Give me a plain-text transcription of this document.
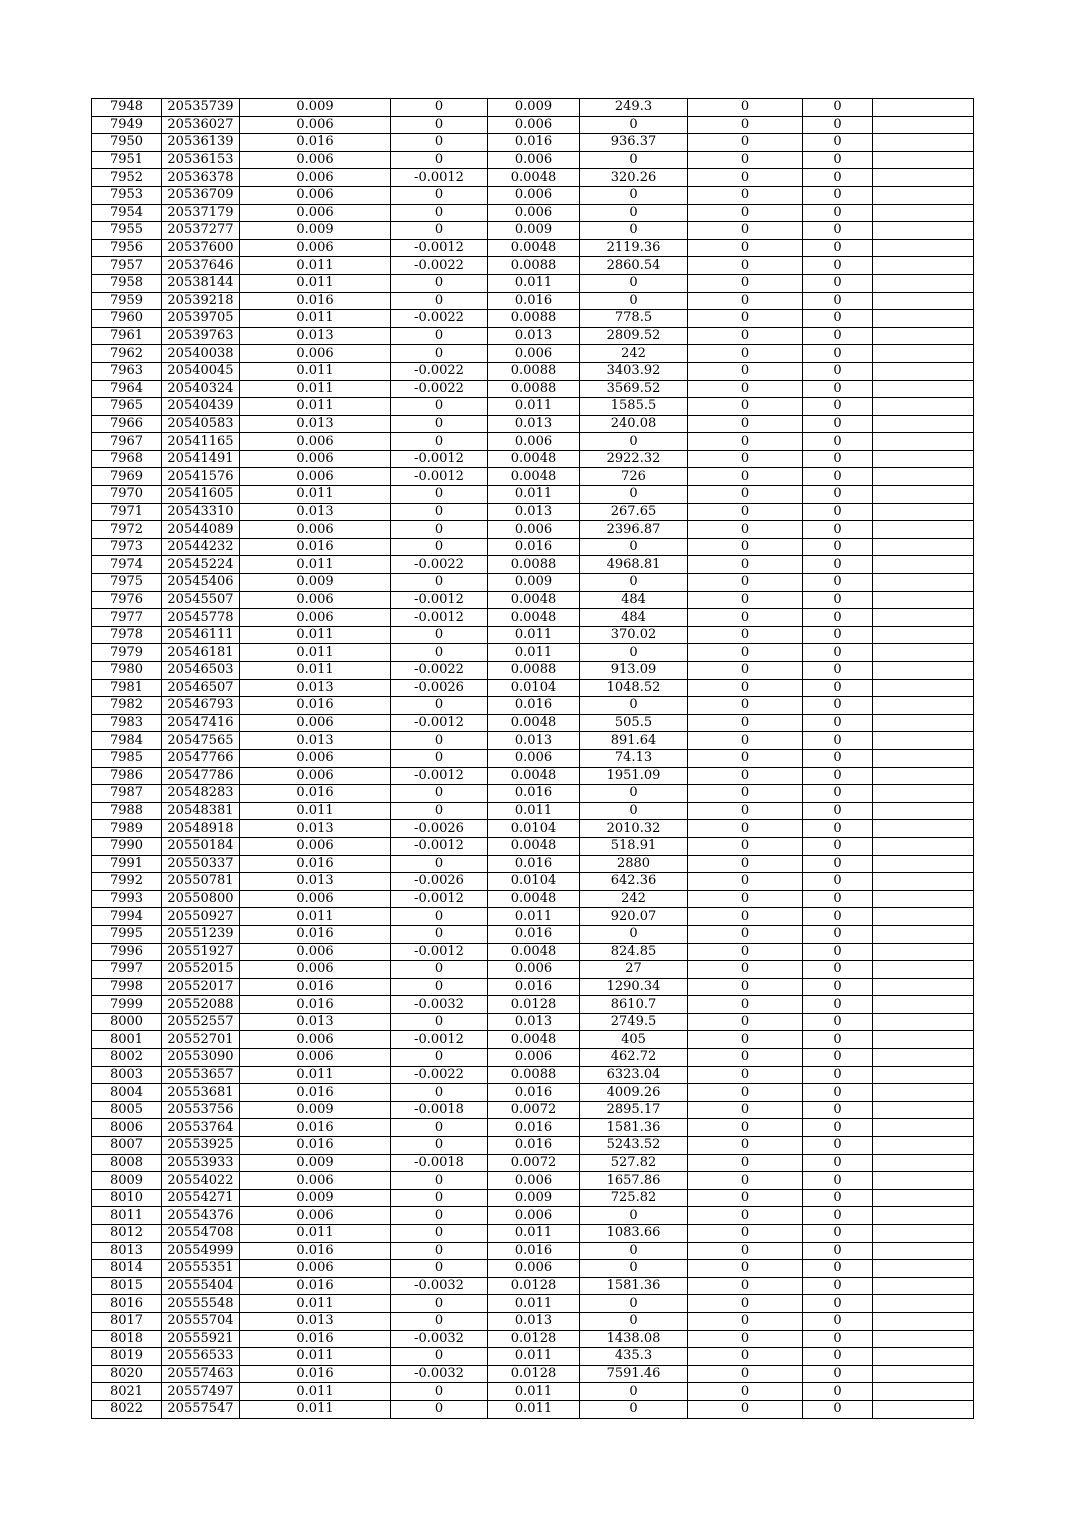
7948	20535739	0.009	0	0.009	249.3	0	0	
7949	20536027	0.006	0	0.006	0	0	0	
7950	20536139	0.016	0	0.016	936.37	0	0	
7951	20536153	0.006	0	0.006	0	0	0	
7952	20536378	0.006	-0.0012	0.0048	320.26	0	0	
7953	20536709	0.006	0	0.006	0	0	0	
7954	20537179	0.006	0	0.006	0	0	0	
7955	20537277	0.009	0	0.009	0	0	0	
7956	20537600	0.006	-0.0012	0.0048	2119.36	0	0	
7957	20537646	0.011	-0.0022	0.0088	2860.54	0	0	
7958	20538144	0.011	0	0.011	0	0	0	
7959	20539218	0.016	0	0.016	0	0	0	
7960	20539705	0.011	-0.0022	0.0088	778.5	0	0	
7961	20539763	0.013	0	0.013	2809.52	0	0	
7962	20540038	0.006	0	0.006	242	0	0	
7963	20540045	0.011	-0.0022	0.0088	3403.92	0	0	
7964	20540324	0.011	-0.0022	0.0088	3569.52	0	0	
7965	20540439	0.011	0	0.011	1585.5	0	0	
7966	20540583	0.013	0	0.013	240.08	0	0	
7967	20541165	0.006	0	0.006	0	0	0	
7968	20541491	0.006	-0.0012	0.0048	2922.32	0	0	
7969	20541576	0.006	-0.0012	0.0048	726	0	0	
7970	20541605	0.011	0	0.011	0	0	0	
7971	20543310	0.013	0	0.013	267.65	0	0	
7972	20544089	0.006	0	0.006	2396.87	0	0	
7973	20544232	0.016	0	0.016	0	0	0	
7974	20545224	0.011	-0.0022	0.0088	4968.81	0	0	
7975	20545406	0.009	0	0.009	0	0	0	
7976	20545507	0.006	-0.0012	0.0048	484	0	0	
7977	20545778	0.006	-0.0012	0.0048	484	0	0	
7978	20546111	0.011	0	0.011	370.02	0	0	
7979	20546181	0.011	0	0.011	0	0	0	
7980	20546503	0.011	-0.0022	0.0088	913.09	0	0	
7981	20546507	0.013	-0.0026	0.0104	1048.52	0	0	
7982	20546793	0.016	0	0.016	0	0	0	
7983	20547416	0.006	-0.0012	0.0048	505.5	0	0	
7984	20547565	0.013	0	0.013	891.64	0	0	
7985	20547766	0.006	0	0.006	74.13	0	0	
7986	20547786	0.006	-0.0012	0.0048	1951.09	0	0	
7987	20548283	0.016	0	0.016	0	0	0	
7988	20548381	0.011	0	0.011	0	0	0	
7989	20548918	0.013	-0.0026	0.0104	2010.32	0	0	
7990	20550184	0.006	-0.0012	0.0048	518.91	0	0	
7991	20550337	0.016	0	0.016	2880	0	0	
7992	20550781	0.013	-0.0026	0.0104	642.36	0	0	
7993	20550800	0.006	-0.0012	0.0048	242	0	0	
7994	20550927	0.011	0	0.011	920.07	0	0	
7995	20551239	0.016	0	0.016	0	0	0	
7996	20551927	0.006	-0.0012	0.0048	824.85	0	0	
7997	20552015	0.006	0	0.006	27	0	0	
7998	20552017	0.016	0	0.016	1290.34	0	0	
7999	20552088	0.016	-0.0032	0.0128	8610.7	0	0	
8000	20552557	0.013	0	0.013	2749.5	0	0	
8001	20552701	0.006	-0.0012	0.0048	405	0	0	
8002	20553090	0.006	0	0.006	462.72	0	0	
8003	20553657	0.011	-0.0022	0.0088	6323.04	0	0	
8004	20553681	0.016	0	0.016	4009.26	0	0	
8005	20553756	0.009	-0.0018	0.0072	2895.17	0	0	
8006	20553764	0.016	0	0.016	1581.36	0	0	
8007	20553925	0.016	0	0.016	5243.52	0	0	
8008	20553933	0.009	-0.0018	0.0072	527.82	0	0	
8009	20554022	0.006	0	0.006	1657.86	0	0	
8010	20554271	0.009	0	0.009	725.82	0	0	
8011	20554376	0.006	0	0.006	0	0	0	
8012	20554708	0.011	0	0.011	1083.66	0	0	
8013	20554999	0.016	0	0.016	0	0	0	
8014	20555351	0.006	0	0.006	0	0	0	
8015	20555404	0.016	-0.0032	0.0128	1581.36	0	0	
8016	20555548	0.011	0	0.011	0	0	0	
8017	20555704	0.013	0	0.013	0	0	0	
8018	20555921	0.016	-0.0032	0.0128	1438.08	0	0	
8019	20556533	0.011	0	0.011	435.3	0	0	
8020	20557463	0.016	-0.0032	0.0128	7591.46	0	0	
8021	20557497	0.011	0	0.011	0	0	0	
8022	20557547	0.011	0	0.011	0	0	0	
